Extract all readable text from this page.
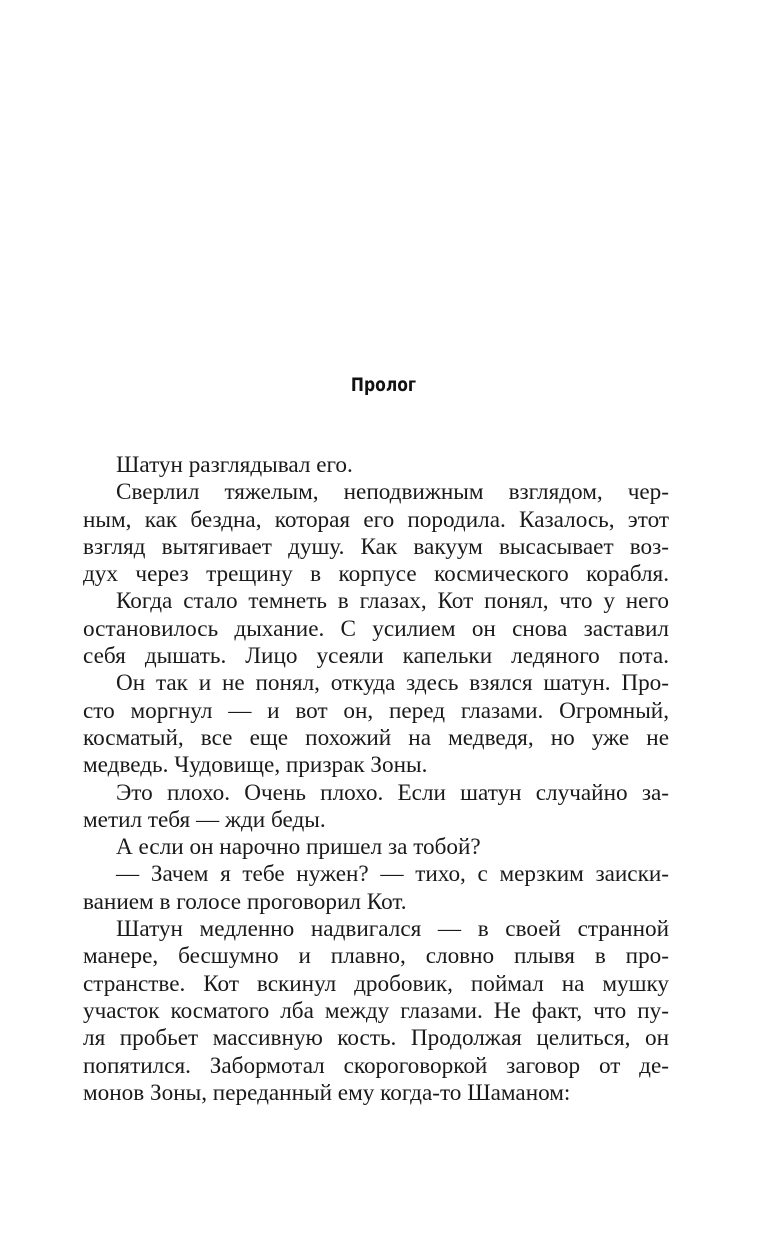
Пролог
Шатун разглядывал его.
Сверлил тяжелым, неподвижным взглядом, чер-
ным, как бездна, которая его породила. Казалось, этот
взгляд вытягивает душу. Как вакуум высасывает воз-
дух через трещину в корпусе космического корабля.
Когда стало темнеть в глазах, Кот понял, что у него
остановилось дыхание. С усилием он снова заставил
себя дышать. Лицо усеяли капельки ледяного пота.
Он так и не понял, откуда здесь взялся шатун. Про-
сто моргнул — и вот он, перед глазами. Огромный,
косматый, все еще похожий на медведя, но уже не
медведь. Чудовище, призрак Зоны.
Это плохо. Очень плохо. Если шатун случайно за-
метил тебя — жди беды.
А если он нарочно пришел за тобой?
— Зачем я тебе нужен? — тихо, с мерзким заиски-
ванием в голосе проговорил Кот.
Шатун медленно надвигался — в своей странной
манере, бесшумно и плавно, словно плывя в про-
странстве. Кот вскинул дробовик, поймал на мушку
участок косматого лба между глазами. Не факт, что пу-
ля пробьет массивную кость. Продолжая целиться, он
попятился. Забормотал скороговоркой заговор от де-
монов Зоны, переданный ему когда-то Шаманом:
